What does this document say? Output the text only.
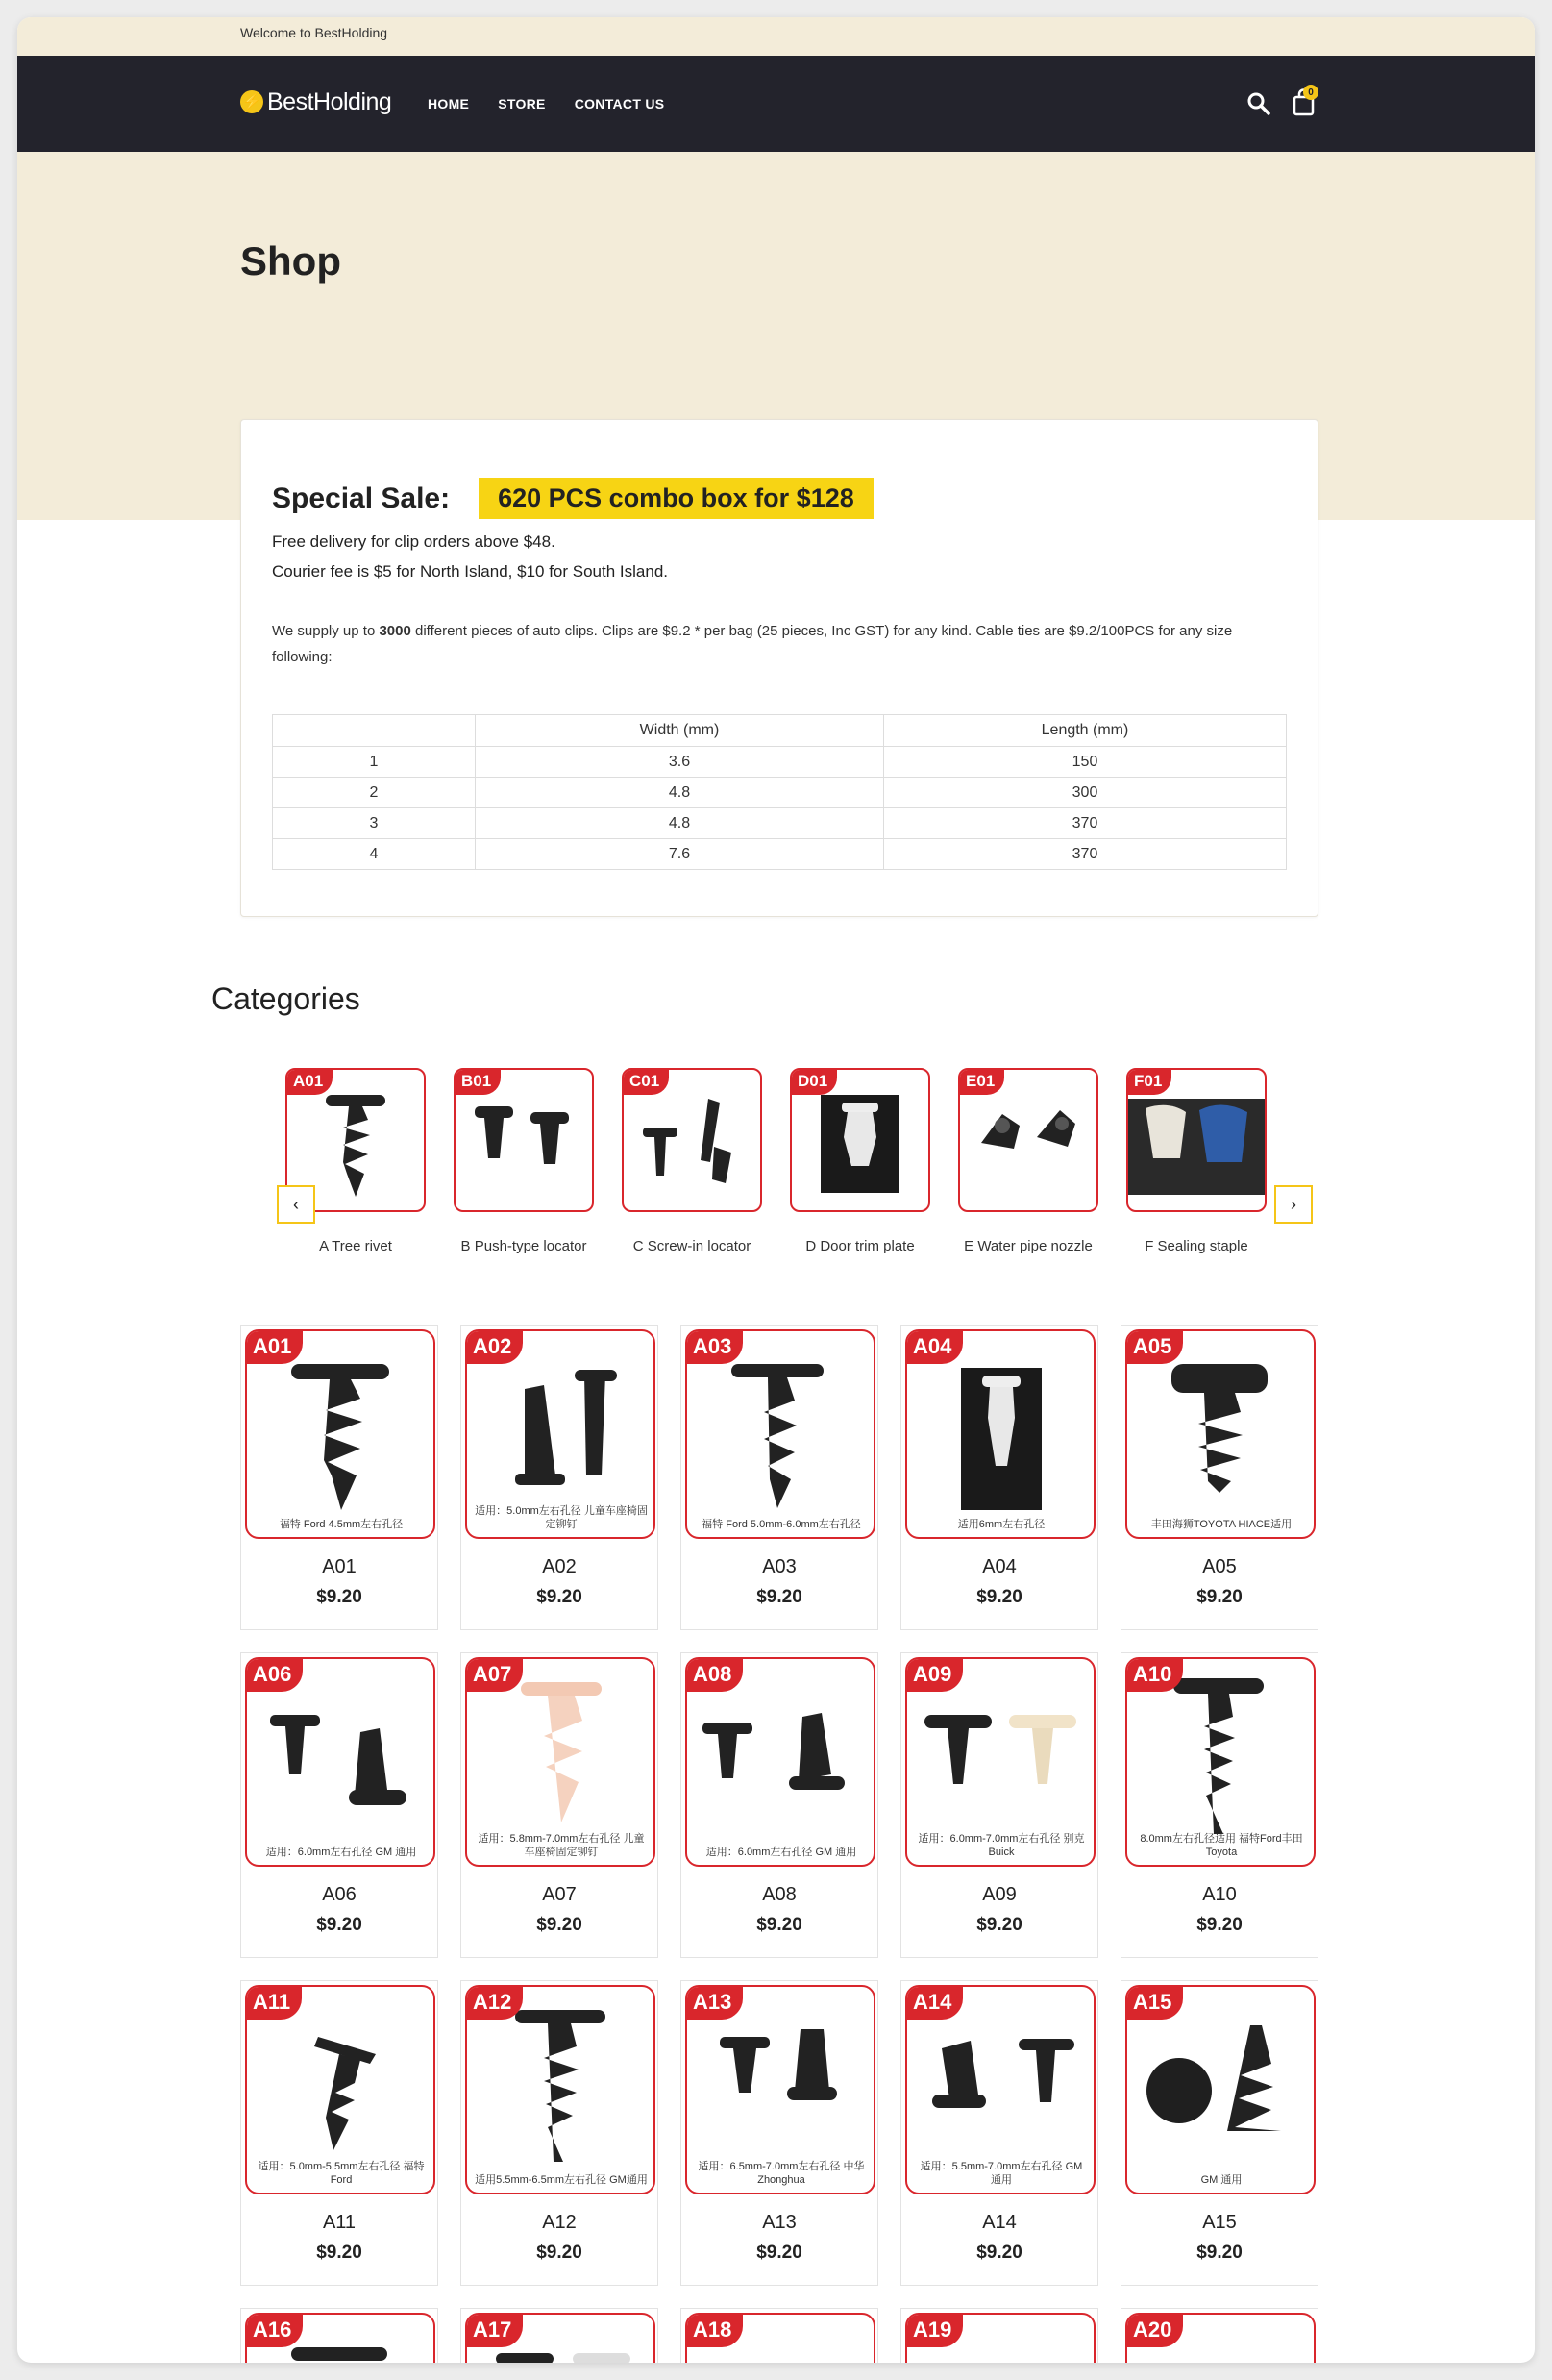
Welcome to BestHolding
⚡ BestHolding	HOME STORE CONTACT US
0
Shop
Special Sale:	620 PCS combo box for $128
Free delivery for clip orders above $48.
Courier fee is $5 for North Island, $10 for South Island.
We supply up to 3000 different pieces of auto clips. Clips are $9.2 * per bag (25 pieces, Inc GST) for any kind. Cable ties are $9.2/100PCS for any size following:
	Width (mm)	Length (mm)
1	3.6	150
2	4.8	300
3	4.8	370
4	7.6	370
Categories
A01
A Tree rivet
B01
B Push-type locator
C01
C Screw-in locator
D01
D Door trim plate
E01
E Water pipe nozzle
F01
F Sealing staple
‹	›
A01
福特 Ford 4.5mm左右孔径
A01
$9.20
A02
适用：5.0mm左右孔径 儿童车座椅固定铆钉
A02
$9.20
A03
福特 Ford 5.0mm-6.0mm左右孔径
A03
$9.20
A04
适用6mm左右孔径
A04
$9.20
A05
丰田海狮TOYOTA HIACE适用
A05
$9.20
A06
适用：6.0mm左右孔径 GM 通用
A06
$9.20
A07
适用：5.8mm-7.0mm左右孔径 儿童车座椅固定铆钉
A07
$9.20
A08
适用：6.0mm左右孔径 GM 通用
A08
$9.20
A09
适用：6.0mm-7.0mm左右孔径 别克 Buick
A09
$9.20
A10
8.0mm左右孔径适用 福特Ford丰田Toyota
A10
$9.20
A11
适用：5.0mm-5.5mm左右孔径 福特Ford
A11
$9.20
A12
适用5.5mm-6.5mm左右孔径 GM通用
A12
$9.20
A13
适用：6.5mm-7.0mm左右孔径 中华Zhonghua
A13
$9.20
A14
适用：5.5mm-7.0mm左右孔径 GM 通用
A14
$9.20
A15
GM 通用
A15
$9.20
A16	A17	A18	A19	A20
